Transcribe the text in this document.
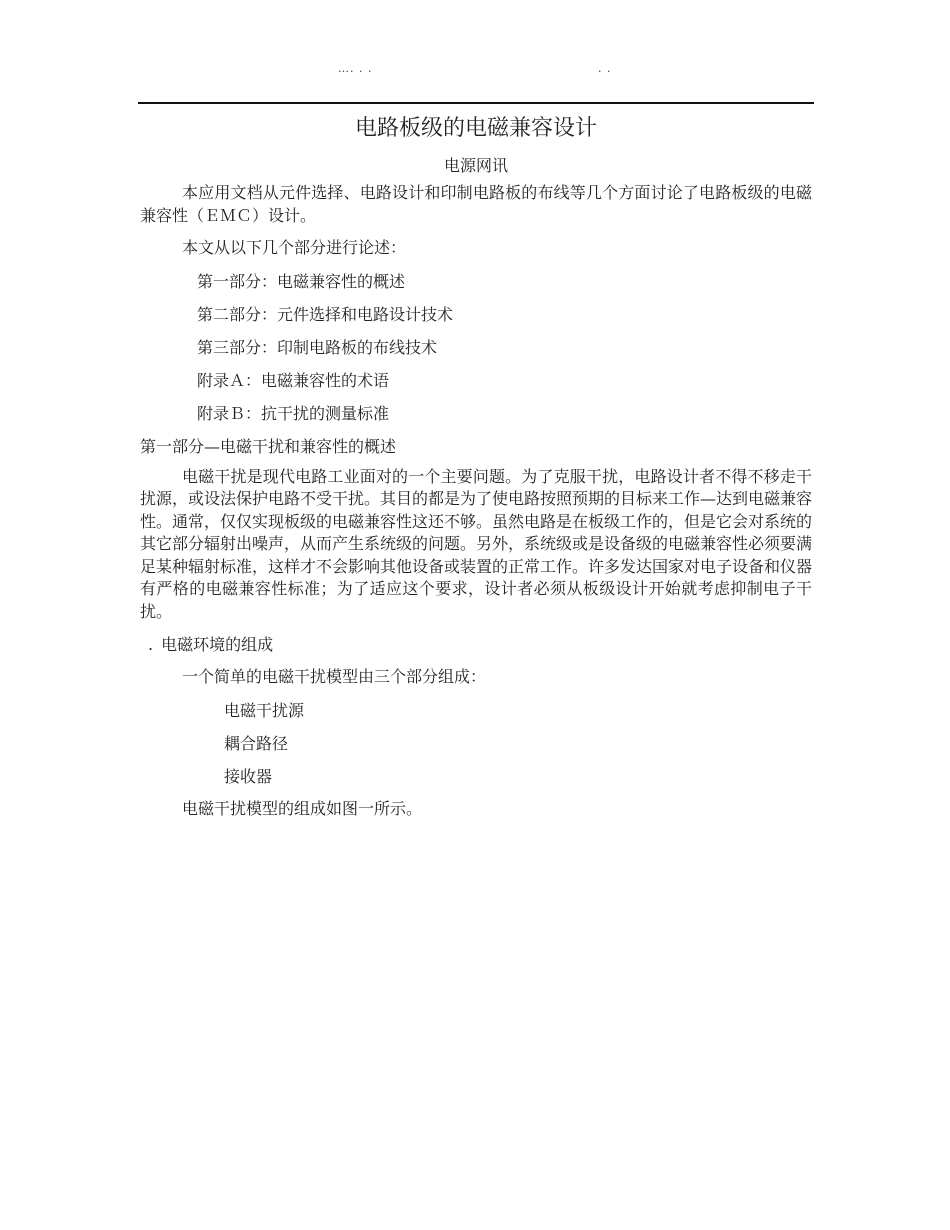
…. . .	. .
电路板级的电磁兼容设计
电源网讯

本应用文档从元件选择、电路设计和印制电路板的布线等几个方面讨论了电路板级的电磁兼容性（ＥＭＣ）设计。

本文从以下几个部分进行论述：

第一部分：电磁兼容性的概述
第二部分：元件选择和电路设计技术
第三部分：印制电路板的布线技术
附录Ａ：电磁兼容性的术语
附录Ｂ：抗干扰的测量标准
第一部分—电磁干扰和兼容性的概述

电磁干扰是现代电路工业面对的一个主要问题。为了克服干扰，电路设计者不得不移走干扰源，或设法保护电路不受干扰。其目的都是为了使电路按照预期的目标来工作—达到电磁兼容性。通常，仅仅实现板级的电磁兼容性这还不够。虽然电路是在板级工作的，但是它会对系统的其它部分辐射出噪声，从而产生系统级的问题。另外，系统级或是设备级的电磁兼容性必须要满足某种辐射标准，这样才不会影响其他设备或装置的正常工作。许多发达国家对电子设备和仪器有严格的电磁兼容性标准；为了适应这个要求，设计者必须从板级设计开始就考虑抑制电子干扰。

. 电磁环境的组成

一个简单的电磁干扰模型由三个部分组成：

电磁干扰源
耦合路径
接收器

电磁干扰模型的组成如图一所示。
